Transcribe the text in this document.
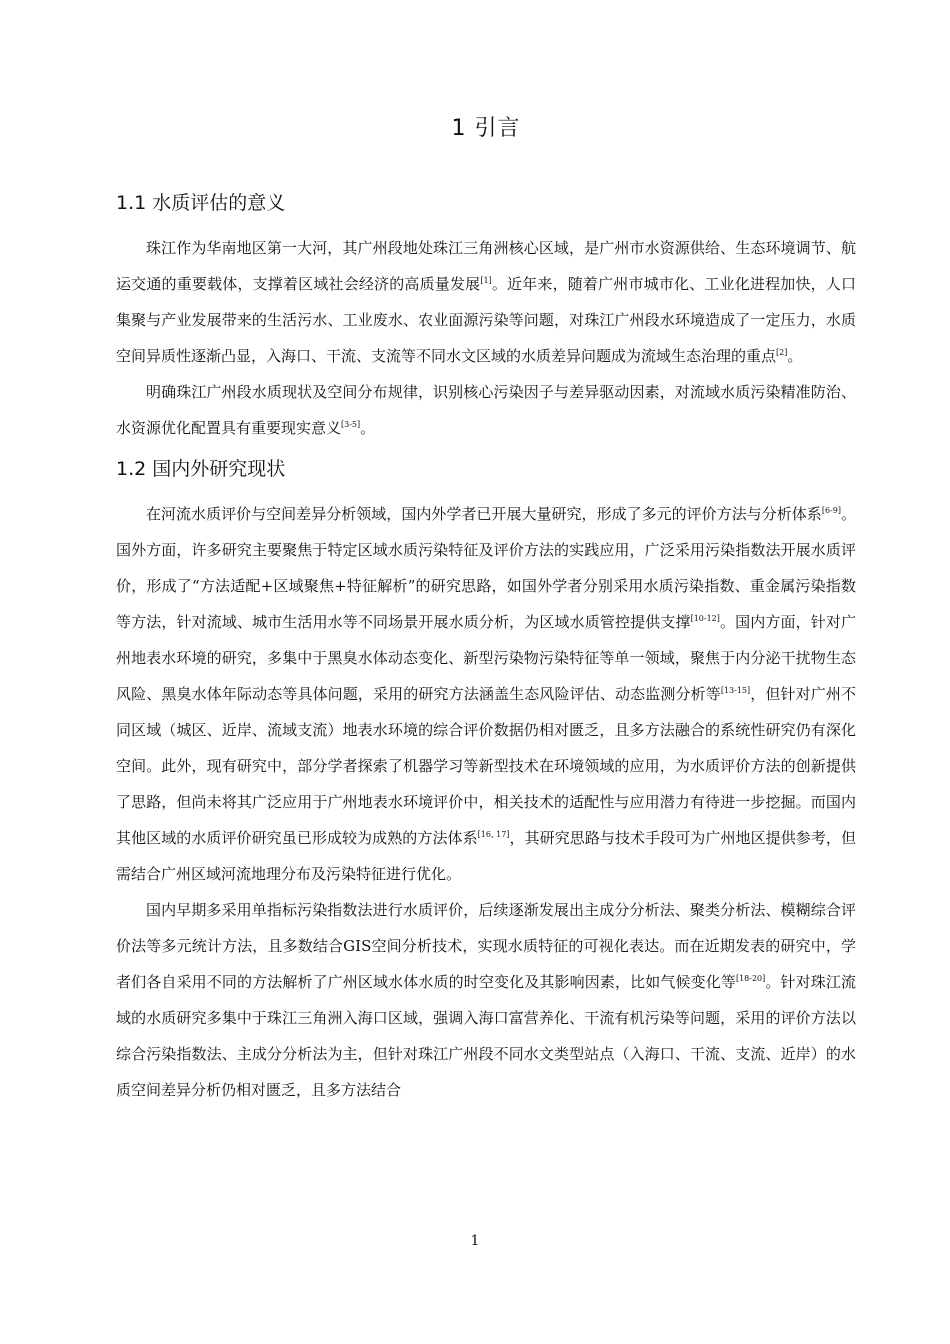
1 引言
1.1 水质评估的意义

珠江作为华南地区第一大河，其广州段地处珠江三角洲核心区域，是广州市水资源供给、生态环境调节、航运交通的重要载体，支撑着区域社会经济的高质量发展[1]。近年来，随着广州市城市化、工业化进程加快，人口集聚与产业发展带来的生活污水、工业废水、农业面源污染等问题，对珠江广州段水环境造成了一定压力，水质空间异质性逐渐凸显，入海口、干流、支流等不同水文区域的水质差异问题成为流域生态治理的重点[2]。

明确珠江广州段水质现状及空间分布规律，识别核心污染因子与差异驱动因素，对流域水质污染精准防治、水资源优化配置具有重要现实意义[3-5]。

1.2 国内外研究现状

在河流水质评价与空间差异分析领域，国内外学者已开展大量研究，形成了多元的评价方法与分析体系[6-9]。国外方面，许多研究主要聚焦于特定区域水质污染特征及评价方法的实践应用，广泛采用污染指数法开展水质评价，形成了“方法适配+区域聚焦+特征解析”的研究思路，如国外学者分别采用水质污染指数、重金属污染指数等方法，针对流域、城市生活用水等不同场景开展水质分析，为区域水质管控提供支撑[10-12]。国内方面，针对广州地表水环境的研究，多集中于黑臭水体动态变化、新型污染物污染特征等单一领域，聚焦于内分泌干扰物生态风险、黑臭水体年际动态等具体问题，采用的研究方法涵盖生态风险评估、动态监测分析等[13-15]，但针对广州不同区域（城区、近岸、流域支流）地表水环境的综合评价数据仍相对匮乏，且多方法融合的系统性研究仍有深化空间。此外，现有研究中，部分学者探索了机器学习等新型技术在环境领域的应用，为水质评价方法的创新提供了思路，但尚未将其广泛应用于广州地表水环境评价中，相关技术的适配性与应用潜力有待进一步挖掘。而国内其他区域的水质评价研究虽已形成较为成熟的方法体系[16, 17]，其研究思路与技术手段可为广州地区提供参考，但需结合广州区域河流地理分布及污染特征进行优化。

国内早期多采用单指标污染指数法进行水质评价，后续逐渐发展出主成分分析法、聚类分析法、模糊综合评价法等多元统计方法，且多数结合GIS空间分析技术，实现水质特征的可视化表达。而在近期发表的研究中，学者们各自采用不同的方法解析了广州区域水体水质的时空变化及其影响因素，比如气候变化等[18-20]。针对珠江流域的水质研究多集中于珠江三角洲入海口区域，强调入海口富营养化、干流有机污染等问题，采用的评价方法以综合污染指数法、主成分分析法为主，但针对珠江广州段不同水文类型站点（入海口、干流、支流、近岸）的水质空间差异分析仍相对匮乏，且多方法结合

1
